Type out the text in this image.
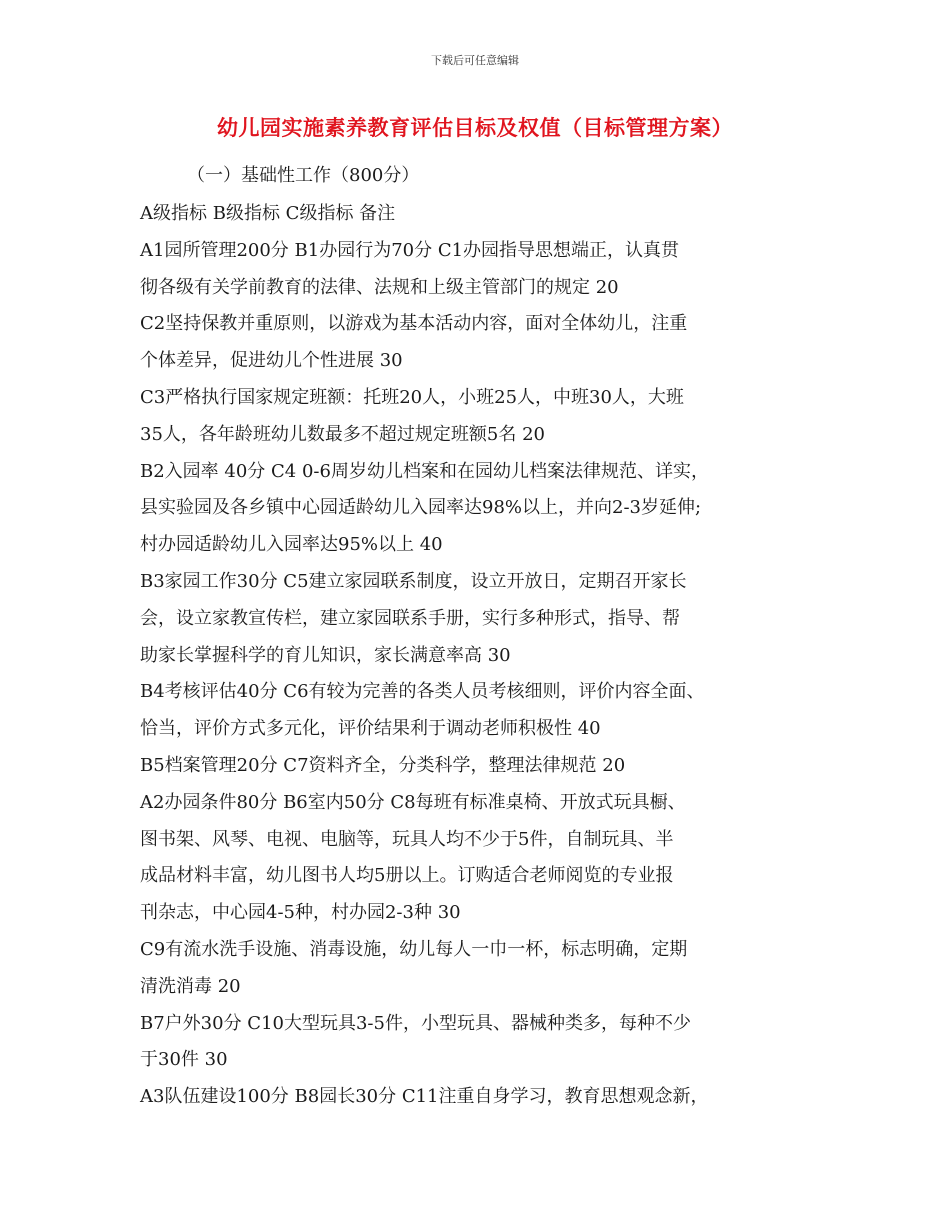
下载后可任意编辑
幼儿园实施素养教育评估目标及权值（目标管理方案）
（一）基础性工作（800分）
A级指标 B级指标 C级指标 备注
A1园所管理200分 B1办园行为70分 C1办园指导思想端正，认真贯
彻各级有关学前教育的法律、法规和上级主管部门的规定 20
C2坚持保教并重原则，以游戏为基本活动内容，面对全体幼儿，注重
个体差异，促进幼儿个性进展 30
C3严格执行国家规定班额：托班20人，小班25人，中班30人，大班
35人，各年龄班幼儿数最多不超过规定班额5名 20
B2入园率 40分 C4 0-6周岁幼儿档案和在园幼儿档案法律规范、详实，
县实验园及各乡镇中心园适龄幼儿入园率达98%以上，并向2-3岁延伸;
村办园适龄幼儿入园率达95%以上 40
B3家园工作30分 C5建立家园联系制度，设立开放日，定期召开家长
会，设立家教宣传栏，建立家园联系手册，实行多种形式，指导、帮
助家长掌握科学的育儿知识，家长满意率高 30
B4考核评估40分 C6有较为完善的各类人员考核细则，评价内容全面、
恰当，评价方式多元化，评价结果利于调动老师积极性 40
B5档案管理20分 C7资料齐全，分类科学，整理法律规范 20
A2办园条件80分 B6室内50分 C8每班有标准桌椅、开放式玩具橱、
图书架、风琴、电视、电脑等，玩具人均不少于5件，自制玩具、半
成品材料丰富，幼儿图书人均5册以上。订购适合老师阅览的专业报
刊杂志，中心园4-5种，村办园2-3种 30
C9有流水洗手设施、消毒设施，幼儿每人一巾一杯，标志明确，定期
清洗消毒 20
B7户外30分 C10大型玩具3-5件，小型玩具、器械种类多，每种不少
于30件 30
A3队伍建设100分 B8园长30分 C11注重自身学习，教育思想观念新，
